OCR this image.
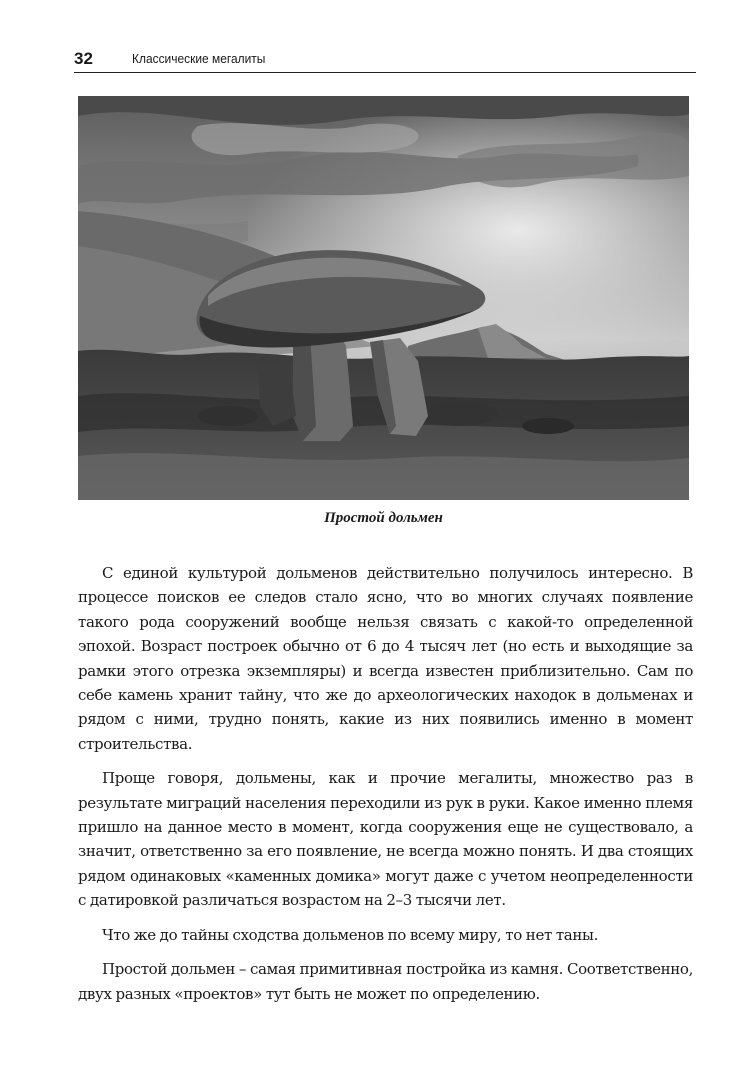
32	Классические мегалиты
Простой дольмен

С единой культурой дольменов действительно получилось интересно. В процессе поисков ее следов стало ясно, что во многих случаях появление такого рода сооружений вообще нельзя связать с какой-то определенной эпохой. Возраст построек обычно от 6 до 4 тысяч лет (но есть и выходящие за рамки этого отрезка экземпляры) и всегда известен приблизительно. Сам по себе камень хранит тайну, что же до археологических находок в дольменах и рядом с ними, трудно понять, какие из них появились именно в момент строительства.

Проще говоря, дольмены, как и прочие мегалиты, множество раз в результате миграций населения переходили из рук в руки. Какое именно племя пришло на данное место в момент, когда сооружения еще не существовало, а значит, ответственно за его появление, не всегда можно понять. И два стоящих рядом одинаковых «каменных домика» могут даже с учетом неопределенности с датировкой различаться возрастом на 2–3 тысячи лет.

Что же до тайны сходства дольменов по всему миру, то нет таны.

Простой дольмен – самая примитивная постройка из камня. Соответственно, двух разных «проектов» тут быть не может по определению.
